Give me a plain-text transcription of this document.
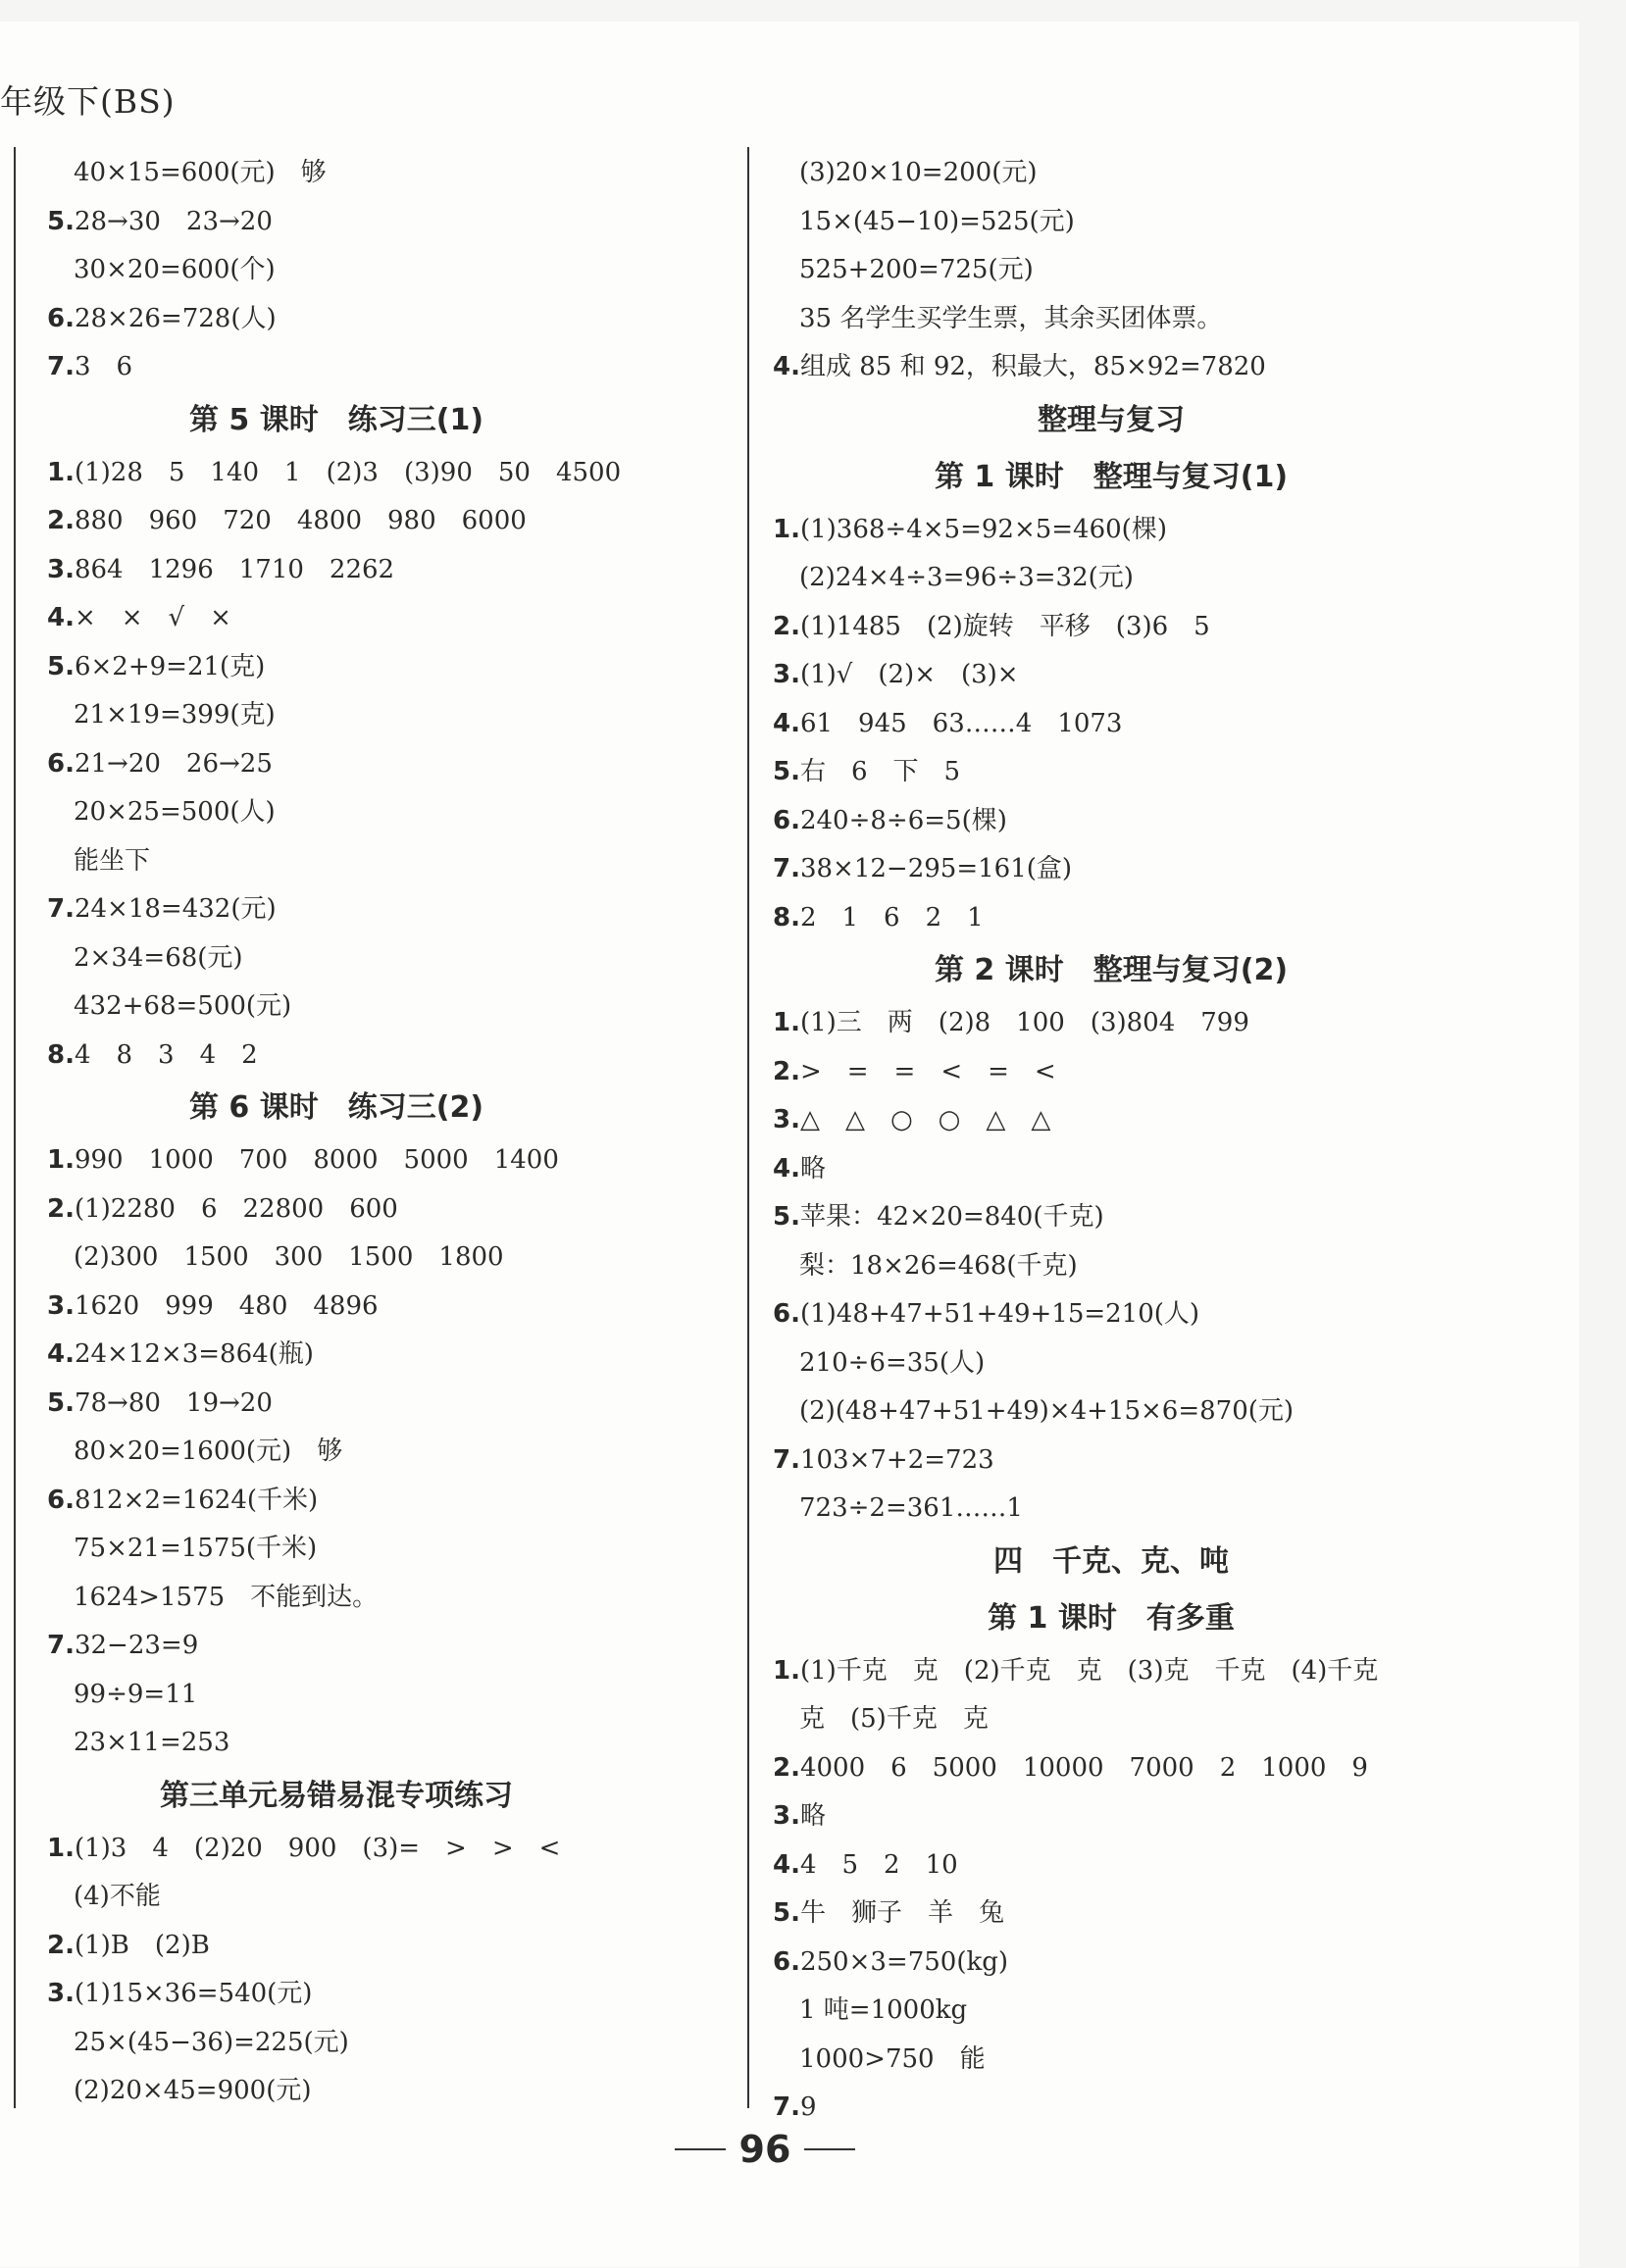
年级下(BS)
40×15=600(元)　够
5.28→30　23→20
30×20=600(个)
6.28×26=728(人)
7.3　6
第 5 课时　练习三(1)
1.(1)28　5　140　1　(2)3　(3)90　50　4500
2.880　960　720　4800　980　6000
3.864　1296　1710　2262
4.×　×　√　×
5.6×2+9=21(克)
21×19=399(克)
6.21→20　26→25
20×25=500(人)
能坐下
7.24×18=432(元)
2×34=68(元)
432+68=500(元)
8.4　8　3　4　2
第 6 课时　练习三(2)
1.990　1000　700　8000　5000　1400
2.(1)2280　6　22800　600
(2)300　1500　300　1500　1800
3.1620　999　480　4896
4.24×12×3=864(瓶)
5.78→80　19→20
80×20=1600(元)　够
6.812×2=1624(千米)
75×21=1575(千米)
1624>1575　不能到达。
7.32−23=9
99÷9=11
23×11=253
第三单元易错易混专项练习
1.(1)3　4　(2)20　900　(3)=　>　>　<
(4)不能
2.(1)B　(2)B
3.(1)15×36=540(元)
25×(45−36)=225(元)
(2)20×45=900(元)
(3)20×10=200(元)
15×(45−10)=525(元)
525+200=725(元)
35 名学生买学生票，其余买团体票。
4.组成 85 和 92，积最大，85×92=7820
整理与复习
第 1 课时　整理与复习(1)
1.(1)368÷4×5=92×5=460(棵)
(2)24×4÷3=96÷3=32(元)
2.(1)1485　(2)旋转　平移　(3)6　5
3.(1)√　(2)×　(3)×
4.61　945　63……4　1073
5.右　6　下　5
6.240÷8÷6=5(棵)
7.38×12−295=161(盒)
8.2　1　6　2　1
第 2 课时　整理与复习(2)
1.(1)三　两　(2)8　100　(3)804　799
2.>　=　=　<　=　<
3.△　△　○　○　△　△
4.略
5.苹果：42×20=840(千克)
梨：18×26=468(千克)
6.(1)48+47+51+49+15=210(人)
210÷6=35(人)
(2)(48+47+51+49)×4+15×6=870(元)
7.103×7+2=723
723÷2=361……1
四　千克、克、吨
第 1 课时　有多重
1.(1)千克　克　(2)千克　克　(3)克　千克　(4)千克
克　(5)千克　克
2.4000　6　5000　10000　7000　2　1000　9
3.略
4.4　5　2　10
5.牛　狮子　羊　兔
6.250×3=750(kg)
1 吨=1000kg
1000>750　能
7.9
96
